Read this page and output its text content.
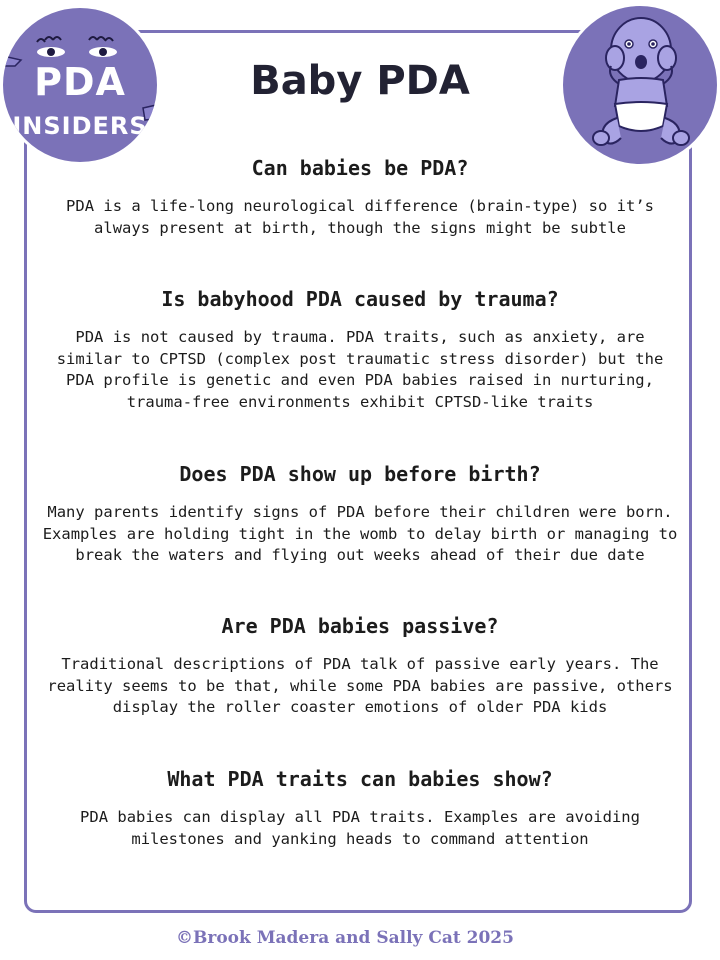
PDA
INSIDERS
Baby PDA
Can babies be PDA?

PDA is a life-long neurological difference (brain-type) so it’s always present at birth, though the signs might be subtle

Is babyhood PDA caused by trauma?

PDA is not caused by trauma. PDA traits, such as anxiety, are similar to CPTSD (complex post traumatic stress disorder) but the PDA profile is genetic and even PDA babies raised in nurturing, trauma-free environments exhibit CPTSD-like traits

Does PDA show up before birth?

Many parents identify signs of PDA before their children were born. Examples are holding tight in the womb to delay birth or managing to break the waters and flying out weeks ahead of their due date

Are PDA babies passive?

Traditional descriptions of PDA talk of passive early years. The reality seems to be that, while some PDA babies are passive, others display the roller coaster emotions of older PDA kids

What PDA traits can babies show?

PDA babies can display all PDA traits. Examples are avoiding milestones and yanking heads to command attention

©Brook Madera and Sally Cat 2025
